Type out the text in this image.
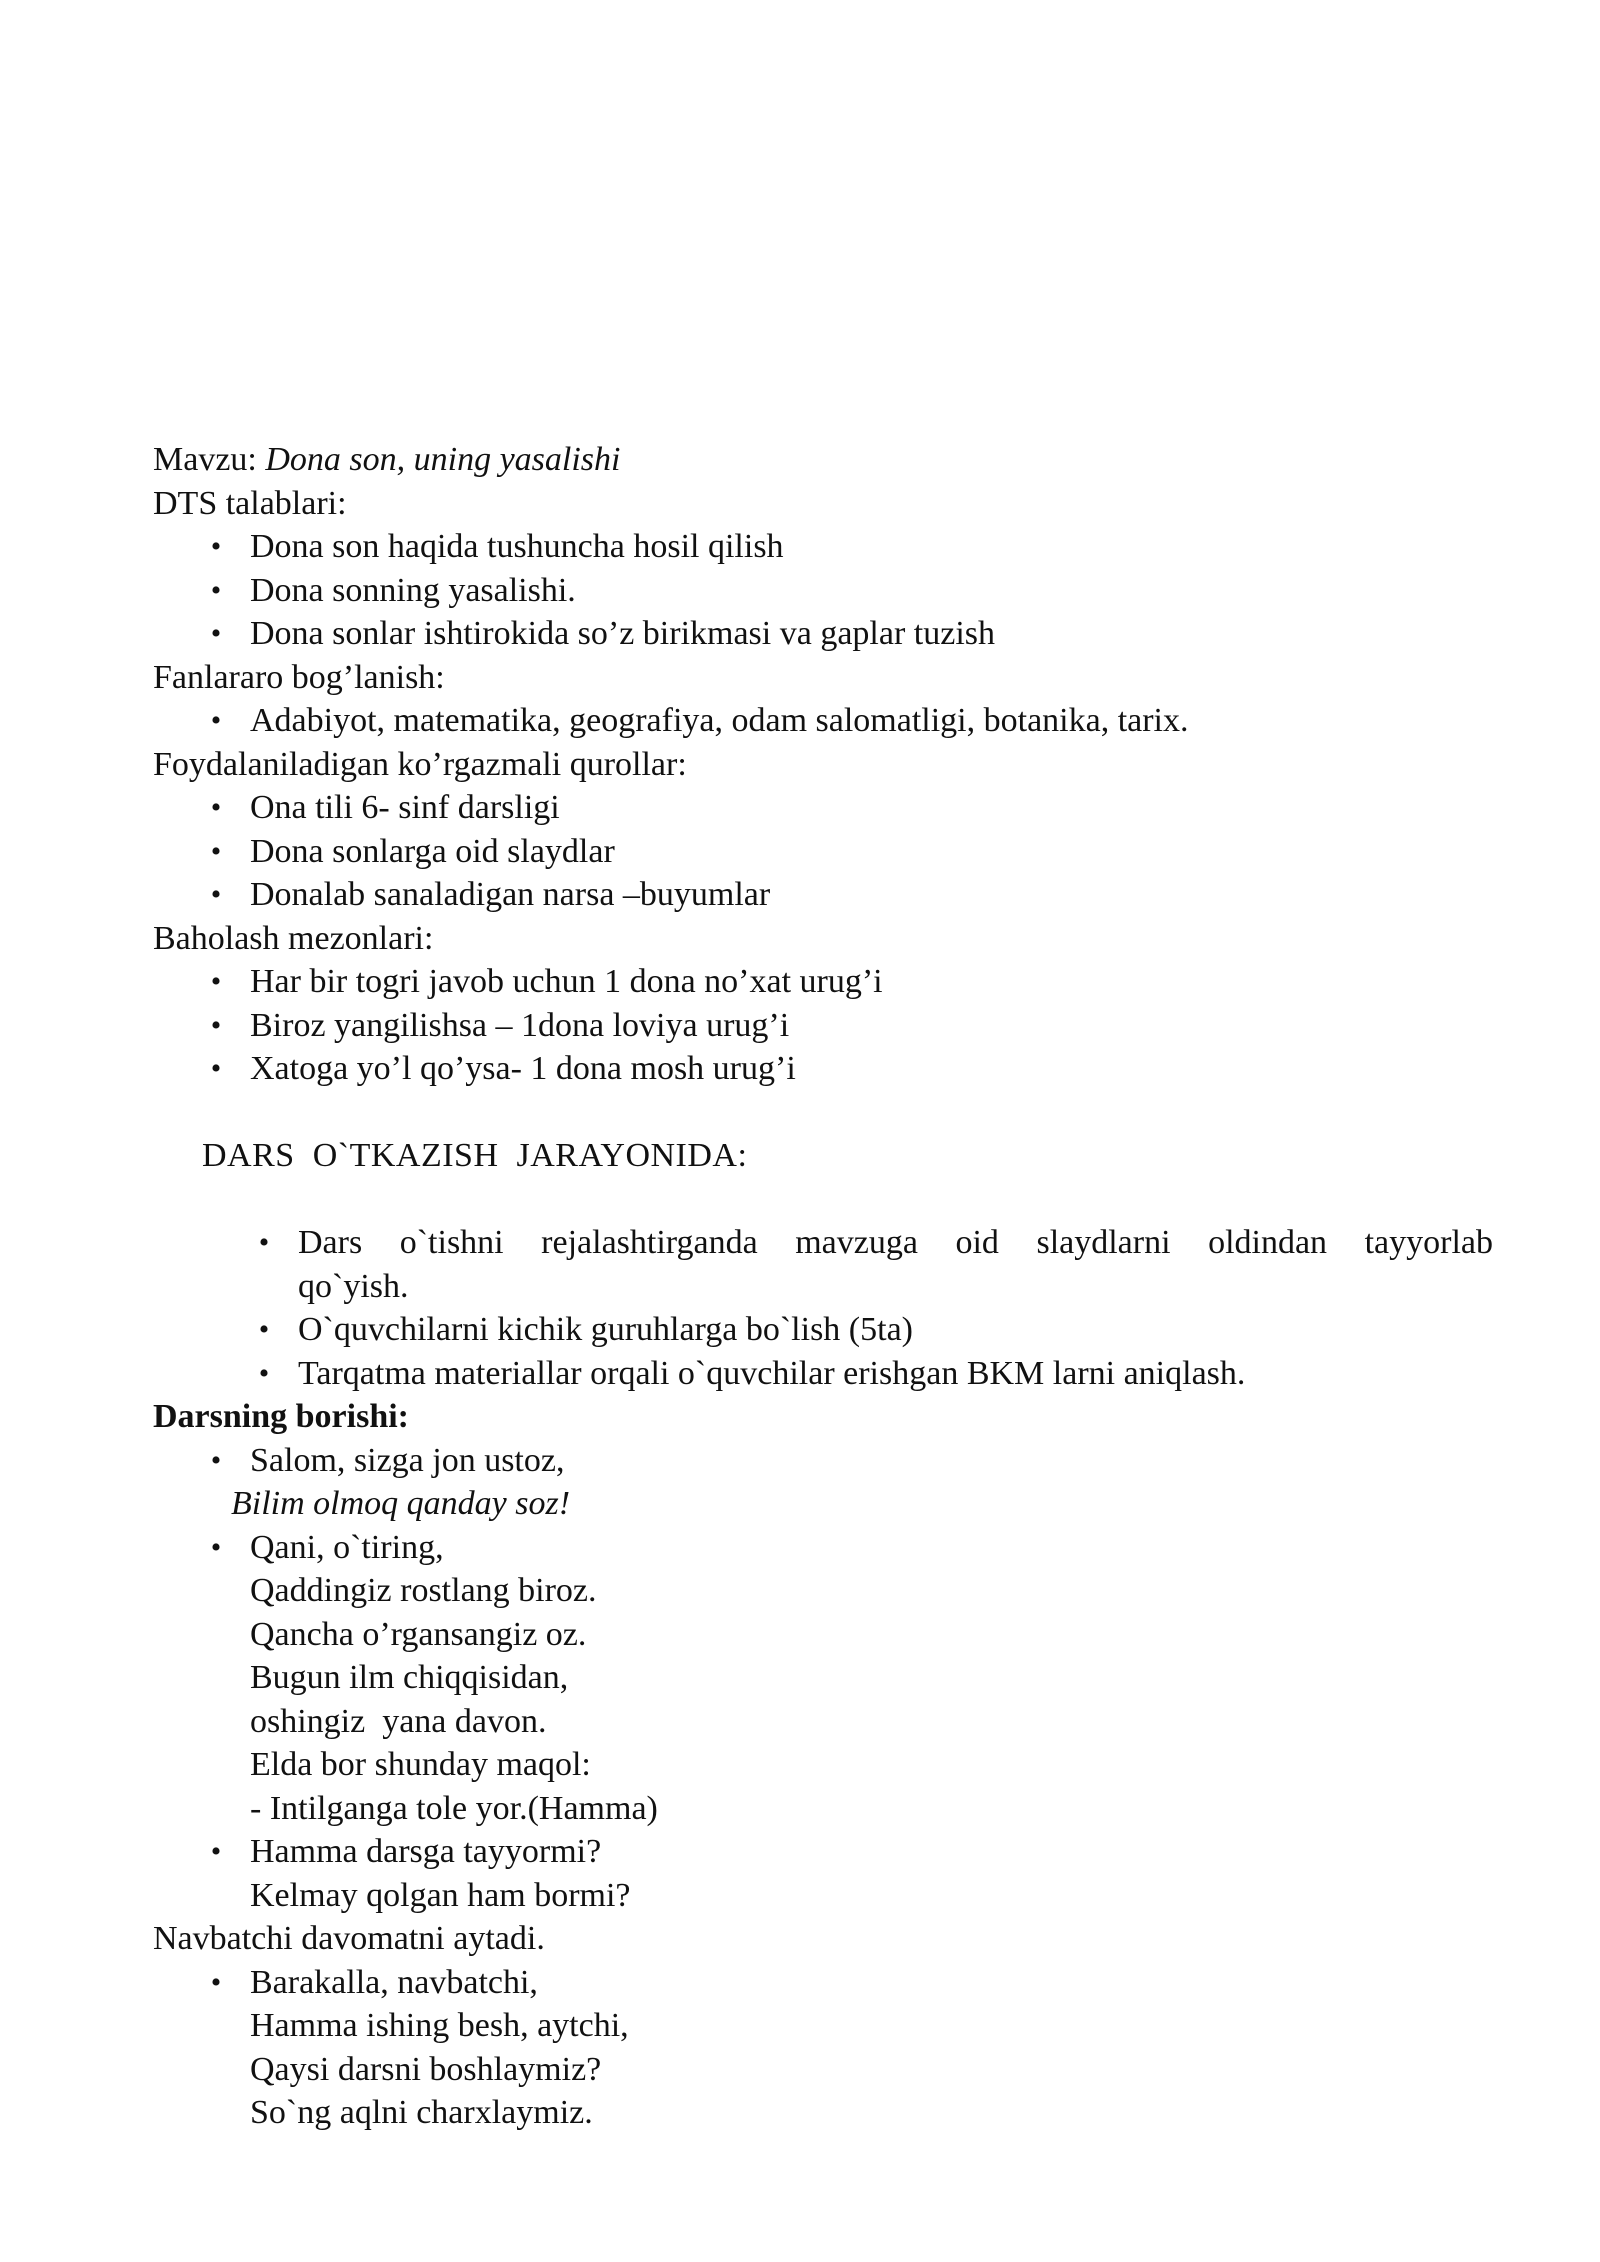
Mavzu: Dona son, uning yasalishi
DTS talablari:
• Dona son haqida tushuncha hosil qilish
• Dona sonning yasalishi.
• Dona sonlar ishtirokida so’z birikmasi va gaplar tuzish
Fanlararo bog’lanish:
• Adabiyot, matematika, geografiya, odam salomatligi, botanika, tarix.
Foydalaniladigan ko’rgazmali qurollar:
• Ona tili 6- sinf darsligi
• Dona sonlarga oid slaydlar
• Donalab sanaladigan narsa –buyumlar
Baholash mezonlari:
• Har bir togri javob uchun 1 dona no’xat urug’i
• Biroz yangilishsa – 1dona loviya urug’i
• Xatoga yo’l qo’ysa- 1 dona mosh urug’i
DARS  O`TKAZISH  JARAYONIDA:
• Dars o`tishni rejalashtirganda mavzuga oid slaydlarni oldindan tayyorlab
qo`yish.
• O`quvchilarni kichik guruhlarga bo`lish (5ta)
• Tarqatma materiallar orqali o`quvchilar erishgan BKM larni aniqlash.
Darsning borishi:
• Salom, sizga jon ustoz,
Bilim olmoq qanday soz!
• Qani, o`tiring,
Qaddingiz rostlang biroz.
Qancha o’rgansangiz oz.
Bugun ilm chiqqisidan,
oshingiz  yana davon.
Elda bor shunday maqol:
- Intilganga tole yor.(Hamma)
• Hamma darsga tayyormi?
Kelmay qolgan ham bormi?
Navbatchi davomatni aytadi.
• Barakalla, navbatchi,
Hamma ishing besh, aytchi,
Qaysi darsni boshlaymiz?
So`ng aqlni charxlaymiz.
